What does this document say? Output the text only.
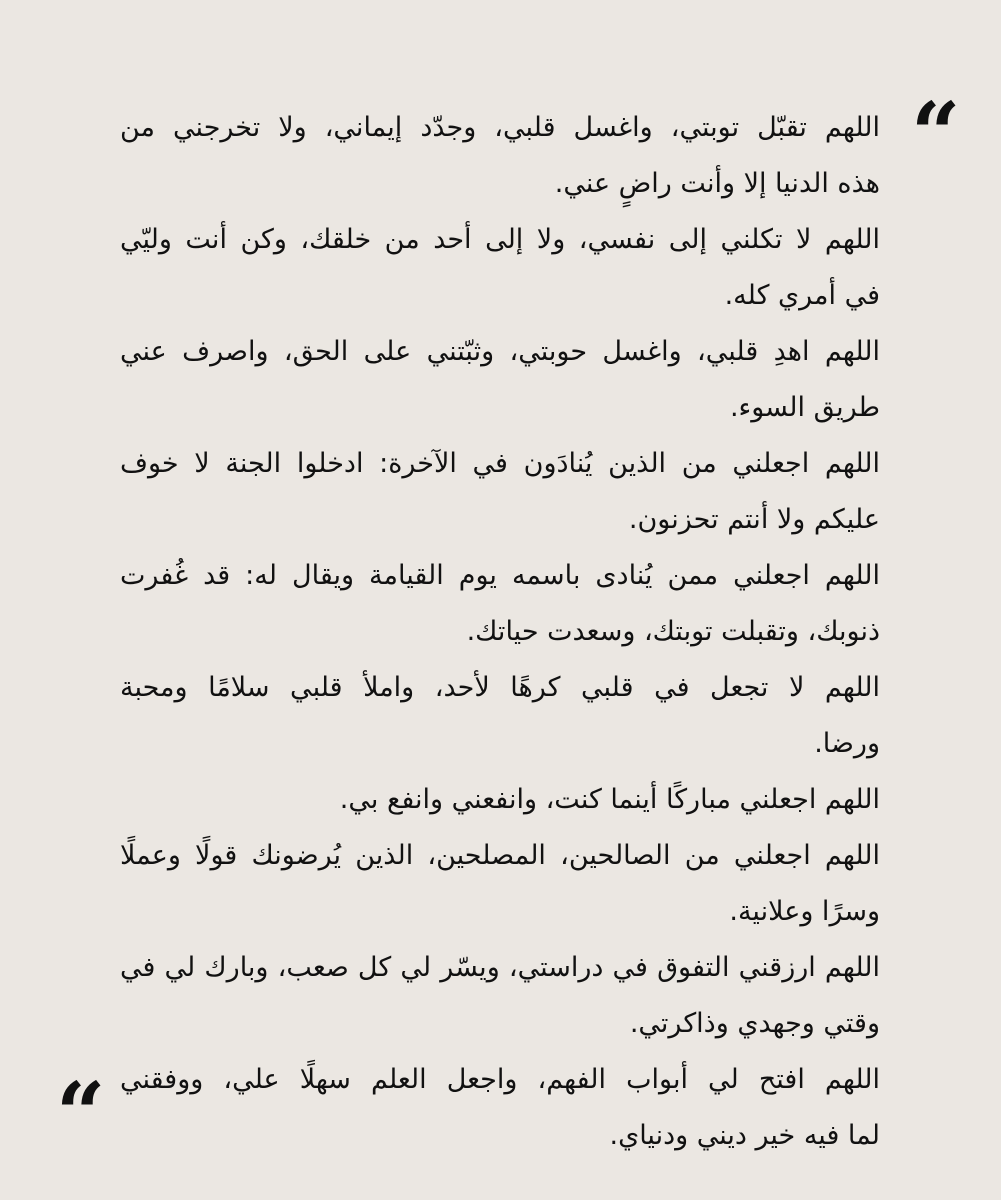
“
اللهم تقبّل توبتي، واغسل قلبي، وجدّد إيماني، ولا تخرجني من
هذه الدنيا إلا وأنت راضٍ عني.
اللهم لا تكلني إلى نفسي، ولا إلى أحد من خلقك، وكن أنت وليّي
في أمري كله.
اللهم اهدِ قلبي، واغسل حوبتي، وثبّتني على الحق، واصرف عني
طريق السوء.
اللهم اجعلني من الذين يُنادَون في الآخرة: ادخلوا الجنة لا خوف
عليكم ولا أنتم تحزنون.
اللهم اجعلني ممن يُنادى باسمه يوم القيامة ويقال له: قد غُفرت
ذنوبك، وتقبلت توبتك، وسعدت حياتك.
اللهم لا تجعل في قلبي كرهًا لأحد، واملأ قلبي سلامًا ومحبة
ورضا.
اللهم اجعلني مباركًا أينما كنت، وانفعني وانفع بي.
اللهم اجعلني من الصالحين، المصلحين، الذين يُرضونك قولًا وعملًا
وسرًا وعلانية.
اللهم ارزقني التفوق في دراستي، ويسّر لي كل صعب، وبارك لي في
وقتي وجهدي وذاكرتي.
اللهم افتح لي أبواب الفهم، واجعل العلم سهلًا علي، ووفقني
لما فيه خير ديني ودنياي.
“
